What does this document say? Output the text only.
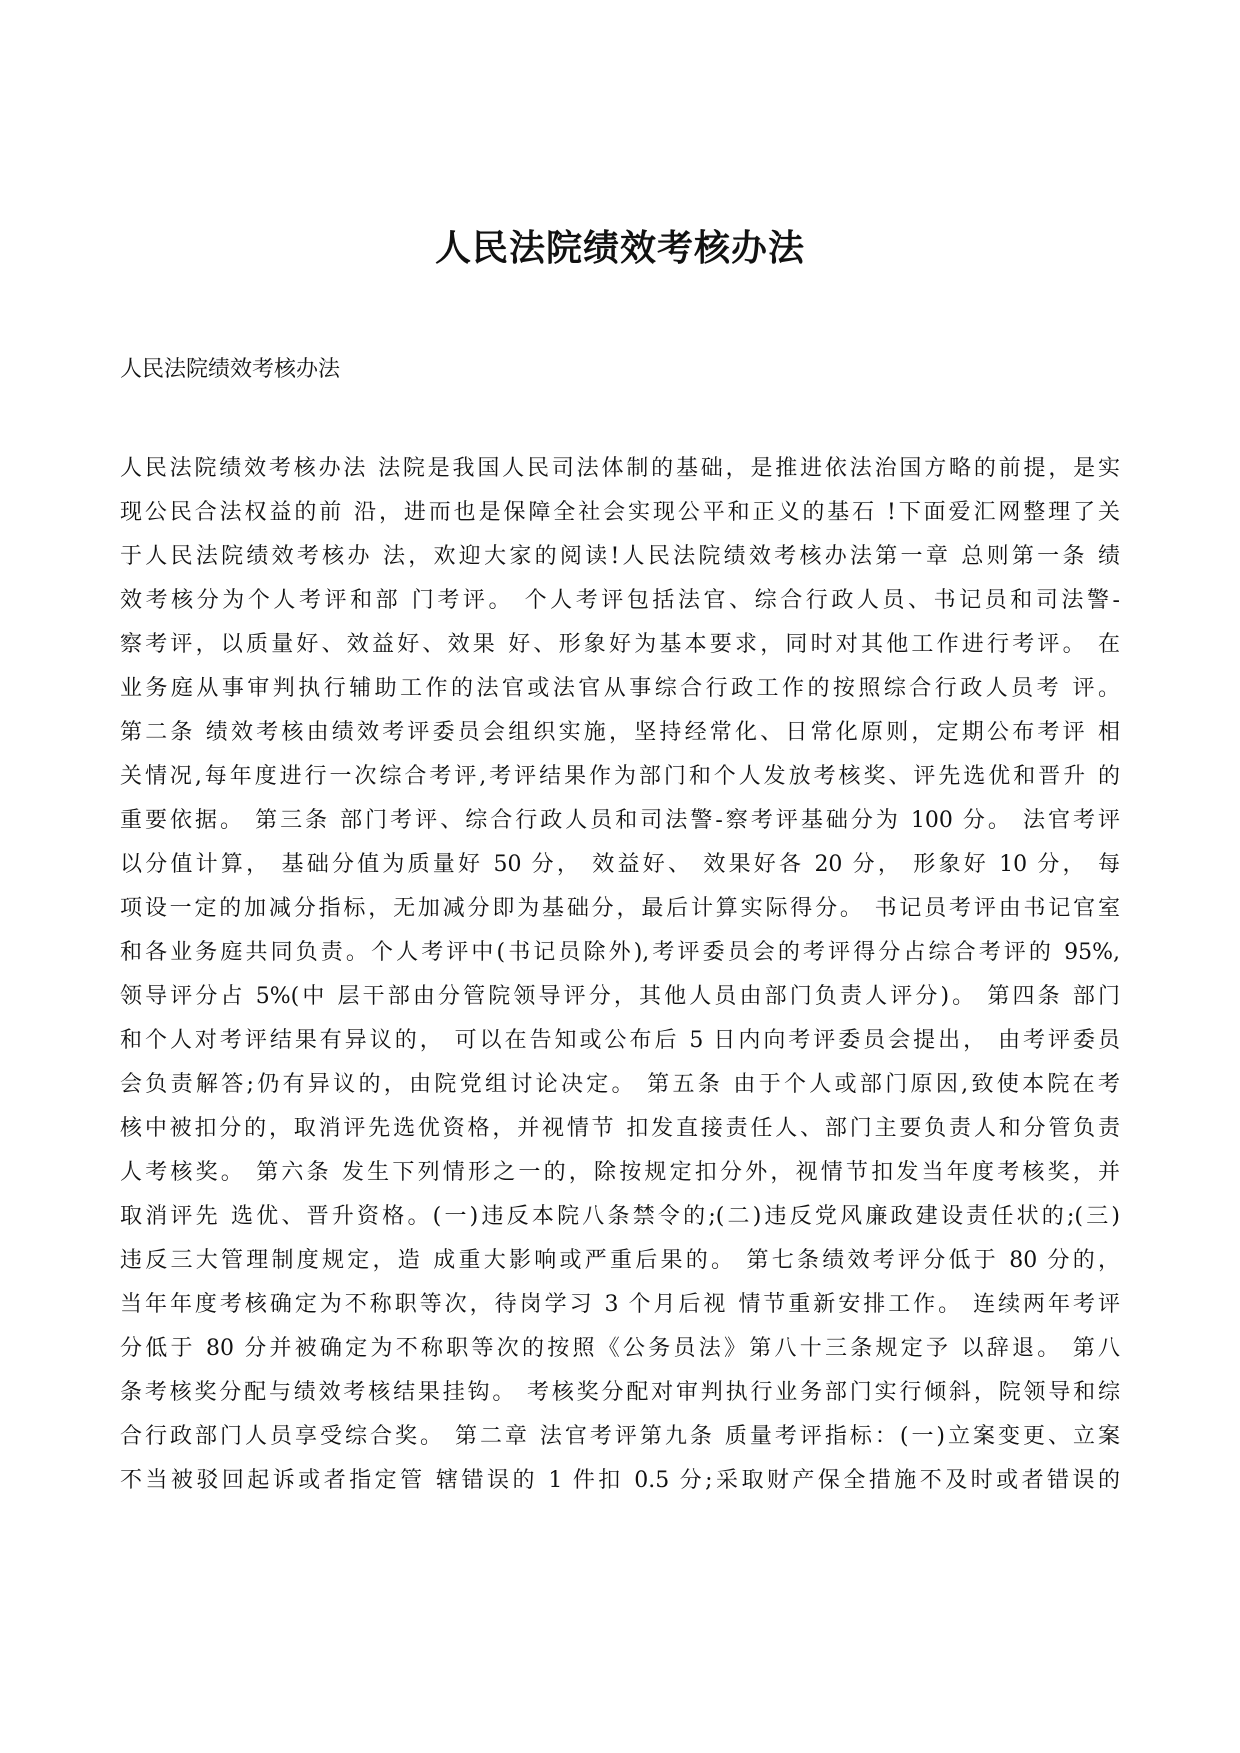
人民法院绩效考核办法

人民法院绩效考核办法

人民法院绩效考核办法 法院是我国人民司法体制的基础，是推进依法治国方略的前提，是实
现公民合法权益的前 沿，进而也是保障全社会实现公平和正义的基石 !下面爱汇网整理了关
于人民法院绩效考核办 法，欢迎大家的阅读!人民法院绩效考核办法第一章 总则第一条 绩
效考核分为个人考评和部 门考评。 个人考评包括法官、综合行政人员、书记员和司法警-
察考评，以质量好、效益好、效果 好、形象好为基本要求，同时对其他工作进行考评。 在
业务庭从事审判执行辅助工作的法官或法官从事综合行政工作的按照综合行政人员考 评。
第二条 绩效考核由绩效考评委员会组织实施，坚持经常化、日常化原则，定期公布考评 相
关情况,每年度进行一次综合考评,考评结果作为部门和个人发放考核奖、评先选优和晋升 的
重要依据。 第三条 部门考评、综合行政人员和司法警-察考评基础分为 100 分。 法官考评
以分值计算， 基础分值为质量好 50 分， 效益好、 效果好各 20 分， 形象好 10 分， 每
项设一定的加减分指标，无加减分即为基础分，最后计算实际得分。 书记员考评由书记官室
和各业务庭共同负责。个人考评中(书记员除外),考评委员会的考评得分占综合考评的 95%,
领导评分占 5%(中 层干部由分管院领导评分，其他人员由部门负责人评分)。 第四条 部门
和个人对考评结果有异议的， 可以在告知或公布后 5 日内向考评委员会提出， 由考评委员
会负责解答;仍有异议的，由院党组讨论决定。 第五条 由于个人或部门原因,致使本院在考
核中被扣分的，取消评先选优资格，并视情节 扣发直接责任人、部门主要负责人和分管负责
人考核奖。 第六条 发生下列情形之一的，除按规定扣分外，视情节扣发当年度考核奖，并
取消评先 选优、晋升资格。(一)违反本院八条禁令的;(二)违反党风廉政建设责任状的;(三)
违反三大管理制度规定，造 成重大影响或严重后果的。 第七条绩效考评分低于 80 分的，
当年年度考核确定为不称职等次，待岗学习 3 个月后视 情节重新安排工作。 连续两年考评
分低于 80 分并被确定为不称职等次的按照《公务员法》第八十三条规定予 以辞退。 第八
条考核奖分配与绩效考核结果挂钩。 考核奖分配对审判执行业务部门实行倾斜，院领导和综
合行政部门人员享受综合奖。 第二章 法官考评第九条 质量考评指标：(一)立案变更、立案
不当被驳回起诉或者指定管 辖错误的 1 件扣 0.5 分;采取财产保全措施不及时或者错误的
